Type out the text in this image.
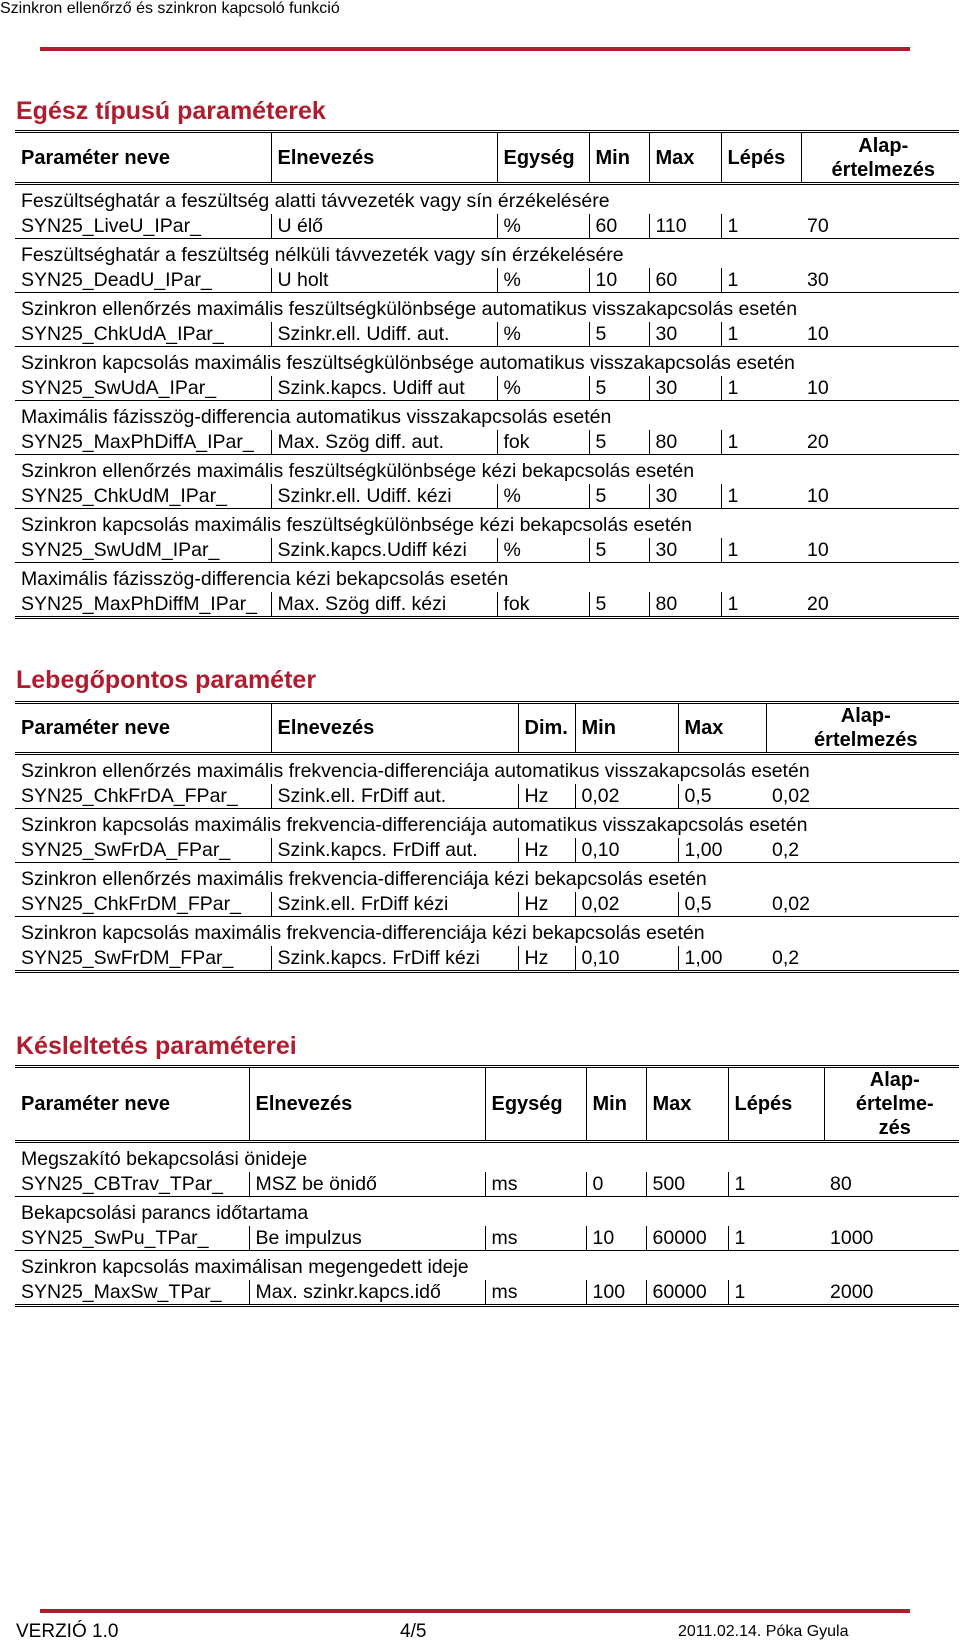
Szinkron ellenőrző és szinkron kapcsoló funkció
Egész típusú paraméterek
Paraméter neve	Elnevezés	Egység	Min	Max	Lépés	Alap-
értelmezés
Feszültséghatár a feszültség alatti távvezeték vagy sín érzékelésére						
SYN25_LiveU_IPar_	U élő	%	60	110	1	70
Feszültséghatár a feszültség nélküli távvezeték vagy sín érzékelésére						
SYN25_DeadU_IPar_	U holt	%	10	60	1	30
Szinkron ellenőrzés maximális feszültségkülönbsége automatikus visszakapcsolás esetén						
SYN25_ChkUdA_IPar_	Szinkr.ell. Udiff. aut.	%	5	30	1	10
Szinkron kapcsolás maximális feszültségkülönbsége automatikus visszakapcsolás esetén						
SYN25_SwUdA_IPar_	Szink.kapcs. Udiff aut	%	5	30	1	10
Maximális fázisszög-differencia automatikus visszakapcsolás esetén						
SYN25_MaxPhDiffA_IPar_	Max. Szög diff. aut.	fok	5	80	1	20
Szinkron ellenőrzés maximális feszültségkülönbsége kézi bekapcsolás esetén						
SYN25_ChkUdM_IPar_	Szinkr.ell. Udiff. kézi	%	5	30	1	10
Szinkron kapcsolás maximális feszültségkülönbsége kézi bekapcsolás esetén						
SYN25_SwUdM_IPar_	Szink.kapcs.Udiff kézi	%	5	30	1	10
Maximális fázisszög-differencia kézi bekapcsolás esetén						
SYN25_MaxPhDiffM_IPar_	Max. Szög diff. kézi	fok	5	80	1	20
Lebegőpontos paraméter
Paraméter neve	Elnevezés	Dim.	Min	Max	Alap-
értelmezés
Szinkron ellenőrzés maximális frekvencia-differenciája automatikus visszakapcsolás esetén					
SYN25_ChkFrDA_FPar_	Szink.ell. FrDiff aut.	Hz	0,02	0,5	0,02
Szinkron kapcsolás maximális frekvencia-differenciája automatikus visszakapcsolás esetén					
SYN25_SwFrDA_FPar_	Szink.kapcs. FrDiff aut.	Hz	0,10	1,00	0,2
Szinkron ellenőrzés maximális frekvencia-differenciája kézi bekapcsolás esetén					
SYN25_ChkFrDM_FPar_	Szink.ell. FrDiff kézi	Hz	0,02	0,5	0,02
Szinkron kapcsolás maximális frekvencia-differenciája kézi bekapcsolás esetén					
SYN25_SwFrDM_FPar_	Szink.kapcs. FrDiff kézi	Hz	0,10	1,00	0,2
Késleltetés paraméterei
Paraméter neve	Elnevezés	Egység	Min	Max	Lépés	Alap-
értelme-
zés
Megszakító bekapcsolási önideje						
SYN25_CBTrav_TPar_	MSZ be önidő	ms	0	500	1	80
Bekapcsolási parancs időtartama						
SYN25_SwPu_TPar_	Be impulzus	ms	10	60000	1	1000
Szinkron kapcsolás maximálisan megengedett ideje						
SYN25_MaxSw_TPar_	Max. szinkr.kapcs.idő	ms	100	60000	1	2000
VERZIÓ 1.0	4/5	2011.02.14. Póka Gyula
